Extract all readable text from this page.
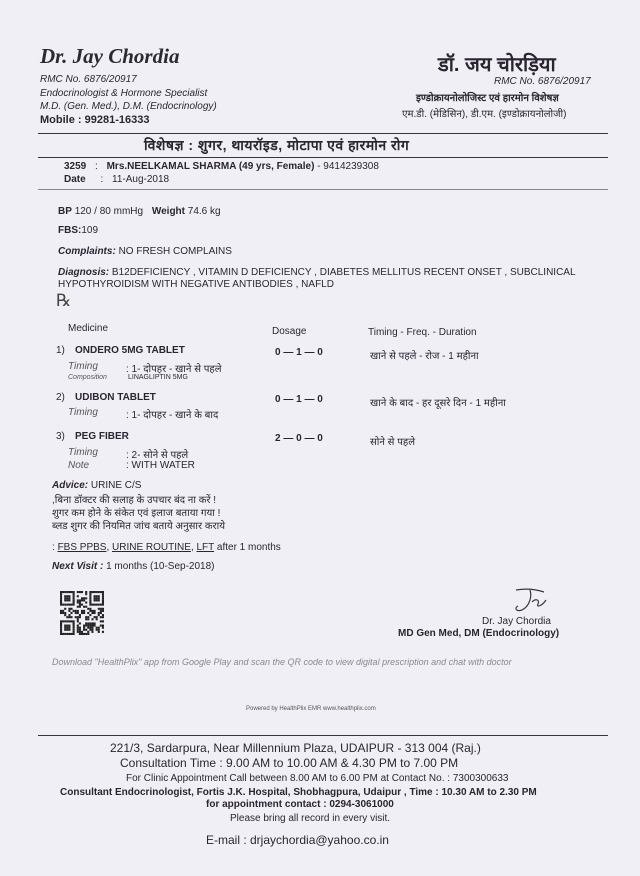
Dr. Jay Chordia
RMC No. 6876/20917
Endocrinologist & Hormone Specialist
M.D. (Gen. Med.), D.M. (Endocrinology)
Mobile : 99281-16333
डॉ. जय चोरड़िया
RMC No. 6876/20917
इण्डोक्रायनोलोजिस्ट एवं हारमोन विशेषज्ञ
एम.डी. (मेडिसिन), डी.एम. (इण्डोक्रायनोलोजी)
विशेषज्ञ : शुगर, थायरॉइड, मोटापा एवं हारमोन रोग
3259 : Mrs.NEELKAMAL SHARMA (49 yrs, Female) - 9414239308
Date : 11-Aug-2018
BP 120 / 80 mmHg Weight 74.6 kg
FBS:109
Complaints: NO FRESH COMPLAINS
Diagnosis: B12DEFICIENCY , VITAMIN D DEFICIENCY , DIABETES MELLITUS RECENT ONSET , SUBCLINICAL
HYPOTHYROIDISM WITH NEGATIVE ANTIBODIES , NAFLD
℞
Medicine	Dosage	Timing - Freq. - Duration
1) ONDERO 5MG TABLET	0 — 1 — 0	खाने से पहले - रोज - 1 महीना
Timing	: 1- दोपहर - खाने से पहले
Composition	LINAGLIPTIN 5MG
2) UDIBON TABLET	0 — 1 — 0	खाने के बाद - हर दूसरे दिन - 1 महीना
Timing	: 1- दोपहर - खाने के बाद
3) PEG FIBER	2 — 0 — 0	सोने से पहले
Timing	: 2- सोने से पहले
Note	: WITH WATER
Advice: URINE C/S
,बिना डॉक्टर की सलाह के उपचार बंद ना करें !
शुगर कम होने के संकेत एवं इलाज बताया गया !
ब्लड शुगर की नियमित जांच बताये अनुसार कराये
: FBS PPBS, URINE ROUTINE, LFT after 1 months
Next Visit : 1 months (10-Sep-2018)
Dr. Jay Chordia
MD Gen Med, DM (Endocrinology)
Download "HealthPlix" app from Google Play and scan the QR code to view digital prescription and chat with doctor
Powered by HealthPlix EMR www.healthplix.com
221/3, Sardarpura, Near Millennium Plaza, UDAIPUR - 313 004 (Raj.)
Consultation Time : 9.00 AM to 10.00 AM & 4.30 PM to 7.00 PM
For Clinic Appointment Call between 8.00 AM to 6.00 PM at Contact No. : 7300300633
Consultant Endocrinologist, Fortis J.K. Hospital, Shobhagpura, Udaipur , Time : 10.30 AM to 2.30 PM
for appointment contact : 0294-3061000
Please bring all record in every visit.
E-mail : drjaychordia@yahoo.co.in
